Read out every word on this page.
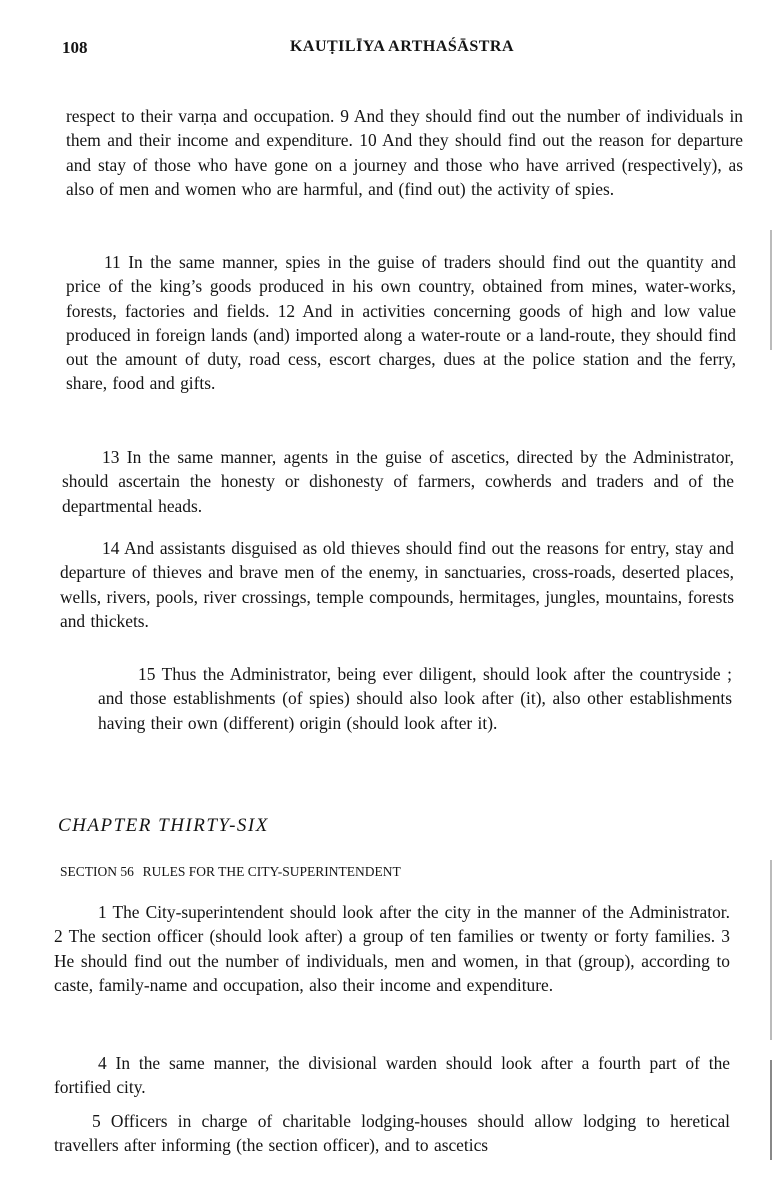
108	KAUṬILĪYA ARTHAŚĀSTRA

respect to their varṇa and occupation. 9 And they should find out the number of individuals in them and their income and expenditure. 10 And they should find out the reason for departure and stay of those who have gone on a journey and those who have arrived (respectively), as also of men and women who are harmful, and (find out) the activity of spies.

11 In the same manner, spies in the guise of traders should find out the quantity and price of the king’s goods produced in his own country, obtained from mines, water-works, forests, factories and fields. 12 And in activities concerning goods of high and low value produced in foreign lands (and) imported along a water-route or a land-route, they should find out the amount of duty, road cess, escort charges, dues at the police station and the ferry, share, food and gifts.

13 In the same manner, agents in the guise of ascetics, directed by the Administrator, should ascertain the honesty or dishonesty of farmers, cowherds and traders and of the departmental heads.

14 And assistants disguised as old thieves should find out the reasons for entry, stay and departure of thieves and brave men of the enemy, in sanctuaries, cross-roads, deserted places, wells, rivers, pools, river crossings, temple compounds, hermitages, jungles, mountains, forests and thickets.

15 Thus the Administrator, being ever diligent, should look after the countryside ; and those establishments (of spies) should also look after (it), also other establishments having their own (different) origin (should look after it).

CHAPTER THIRTY-SIX
SECTION 56 RULES FOR THE CITY-SUPERINTENDENT

1 The City-superintendent should look after the city in the manner of the Administrator. 2 The section officer (should look after) a group of ten families or twenty or forty families. 3 He should find out the number of individuals, men and women, in that (group), according to caste, family-name and occupation, also their income and expenditure.

4 In the same manner, the divisional warden should look after a fourth part of the fortified city.

5 Officers in charge of charitable lodging-houses should allow lodging to heretical travellers after informing (the section officer), and to ascetics
